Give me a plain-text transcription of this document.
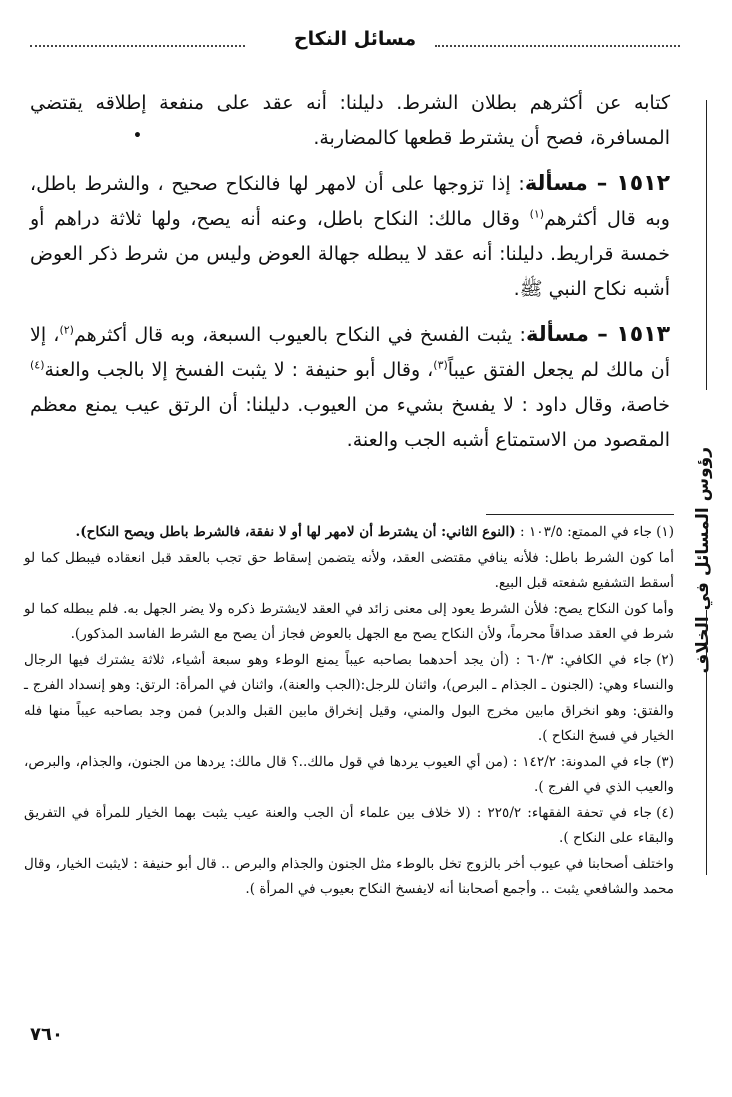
مسائل النكاح
رؤوس المسائل في الخلاف

كتابه عن أكثرهم بطلان الشرط. دليلنا: أنه عقد على منفعة إطلاقه يقتضي المسافرة، فصح أن يشترط قطعها كالمضاربة.

١٥١٢ – مسألة: إذا تزوجها على أن لامهر لها فالنكاح صحيح ، والشرط باطل، وبه قال أكثرهم$^{(١)}$ وقال مالك: النكاح باطل، وعنه أنه يصح، ولها ثلاثة دراهم أو خمسة قراريط. دليلنا: أنه عقد لا يبطله جهالة العوض وليس من شرط ذكر العوض أشبه نكاح النبي ﷺ.

١٥١٣ – مسألة: يثبت الفسخ في النكاح بالعيوب السبعة، وبه قال أكثرهم$^{(٢)}$، إلا أن مالك لم يجعل الفتق عيباً$^{(٣)}$، وقال أبو حنيفة : لا يثبت الفسخ إلا بالجب والعنة$^{(٤)}$ خاصة، وقال داود : لا يفسخ بشيء من العيوب. دليلنا: أن الرتق عيب يمنع معظم المقصود من الاستمتاع أشبه الجب والعنة.

•

(١)جاء في الممتع: ١٠٣/٥ : (النوع الثاني: أن يشترط أن لامهر لها أو لا نفقة، فالشرط باطل ويصح النكاح).

أما كون الشرط باطل: فلأنه ينافي مقتضى العقد، ولأنه يتضمن إسقاط حق تجب بالعقد قبل انعقاده فيبطل كما لو أسقط التشفيع شفعته قبل البيع.

وأما كون النكاح يصح: فلأن الشرط يعود إلى معنى زائد في العقد لايشترط ذكره ولا يضر الجهل به. فلم يبطله كما لو شرط في العقد صداقاً محرماً، ولأن النكاح يصح مع الجهل بالعوض فجاز أن يصح مع الشرط الفاسد المذكور).

(٢)جاء في الكافي: ٦٠/٣ : (أن يجد أحدهما بصاحبه عيباً يمنع الوطء وهو سبعة أشياء، ثلاثة يشترك فيها الرجال والنساء وهي: (الجنون ـ الجذام ـ البرص)، واثنان للرجل:(الجب والعنة)، واثنان في المرأة: الرتق: وهو إنسداد الفرج ـ والفتق: وهو انخراق مابين مخرج البول والمني، وقيل إنخراق مابين القبل والدبر) فمن وجد بصاحبه عيباً منها فله الخيار في فسخ النكاح ).

(٣)جاء في المدونة: ١٤٢/٢ : (من أي العيوب يردها في قول مالك..؟ قال مالك: يردها من الجنون، والجذام، والبرص، والعيب الذي في الفرج ).

(٤)جاء في تحفة الفقهاء: ٢٢٥/٢ : (لا خلاف بين علماء أن الجب والعنة عيب يثبت بهما الخيار للمرأة في التفريق والبقاء على النكاح ).

واختلف أصحابنا في عيوب أخر بالزوج تخل بالوطء مثل الجنون والجذام والبرص .. قال أبو حنيفة : لايثبت الخيار، وقال محمد والشافعي يثبت .. وأجمع أصحابنا أنه لايفسخ النكاح بعيوب في المرأة ).

٧٦٠
